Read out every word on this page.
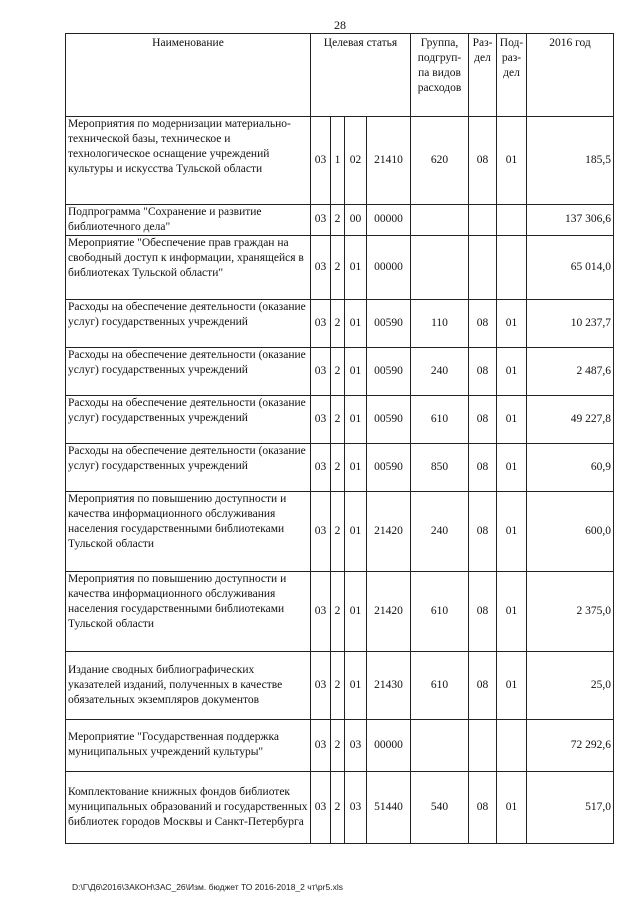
28
Наименование	Целевая статья				Группа, подгруп-па видов расходов	Раз-дел	Под-раз-дел	2016 год
Мероприятия по модернизации материально-технической базы, техническое и технологическое оснащение учреждений культуры и искусства Тульской области	03	1	02	21410	620	08	01	185,5
Подпрограмма "Сохранение и развитие библиотечного дела"	03	2	00	00000				137 306,6
Мероприятие "Обеспечение прав граждан на свободный доступ к информации, хранящейся в библиотеках Тульской области"	03	2	01	00000				65 014,0
Расходы на обеспечение деятельности (оказание услуг) государственных учреждений	03	2	01	00590	110	08	01	10 237,7
Расходы на обеспечение деятельности (оказание услуг) государственных учреждений	03	2	01	00590	240	08	01	2 487,6
Расходы на обеспечение деятельности (оказание услуг) государственных учреждений	03	2	01	00590	610	08	01	49 227,8
Расходы на обеспечение деятельности (оказание услуг) государственных учреждений	03	2	01	00590	850	08	01	60,9
Мероприятия по повышению доступности и качества информационного обслуживания населения государственными библиотеками Тульской области	03	2	01	21420	240	08	01	600,0
Мероприятия по повышению доступности и качества информационного обслуживания населения государственными библиотеками Тульской области	03	2	01	21420	610	08	01	2 375,0
Издание сводных библиографических указателей изданий, полученных в качестве обязательных экземпляров документов	03	2	01	21430	610	08	01	25,0
Мероприятие "Государственная поддержка муниципальных учреждений культуры"	03	2	03	00000				72 292,6
Комплектование книжных фондов библиотек муниципальных образований и государственных библиотек городов Москвы и Санкт-Петербурга	03	2	03	51440	540	08	01	517,0
D:\Г\Д6\2016\ЗАКОН\ЗАС_26\Изм. бюджет ТО 2016-2018_2 чт\pr5.xls
